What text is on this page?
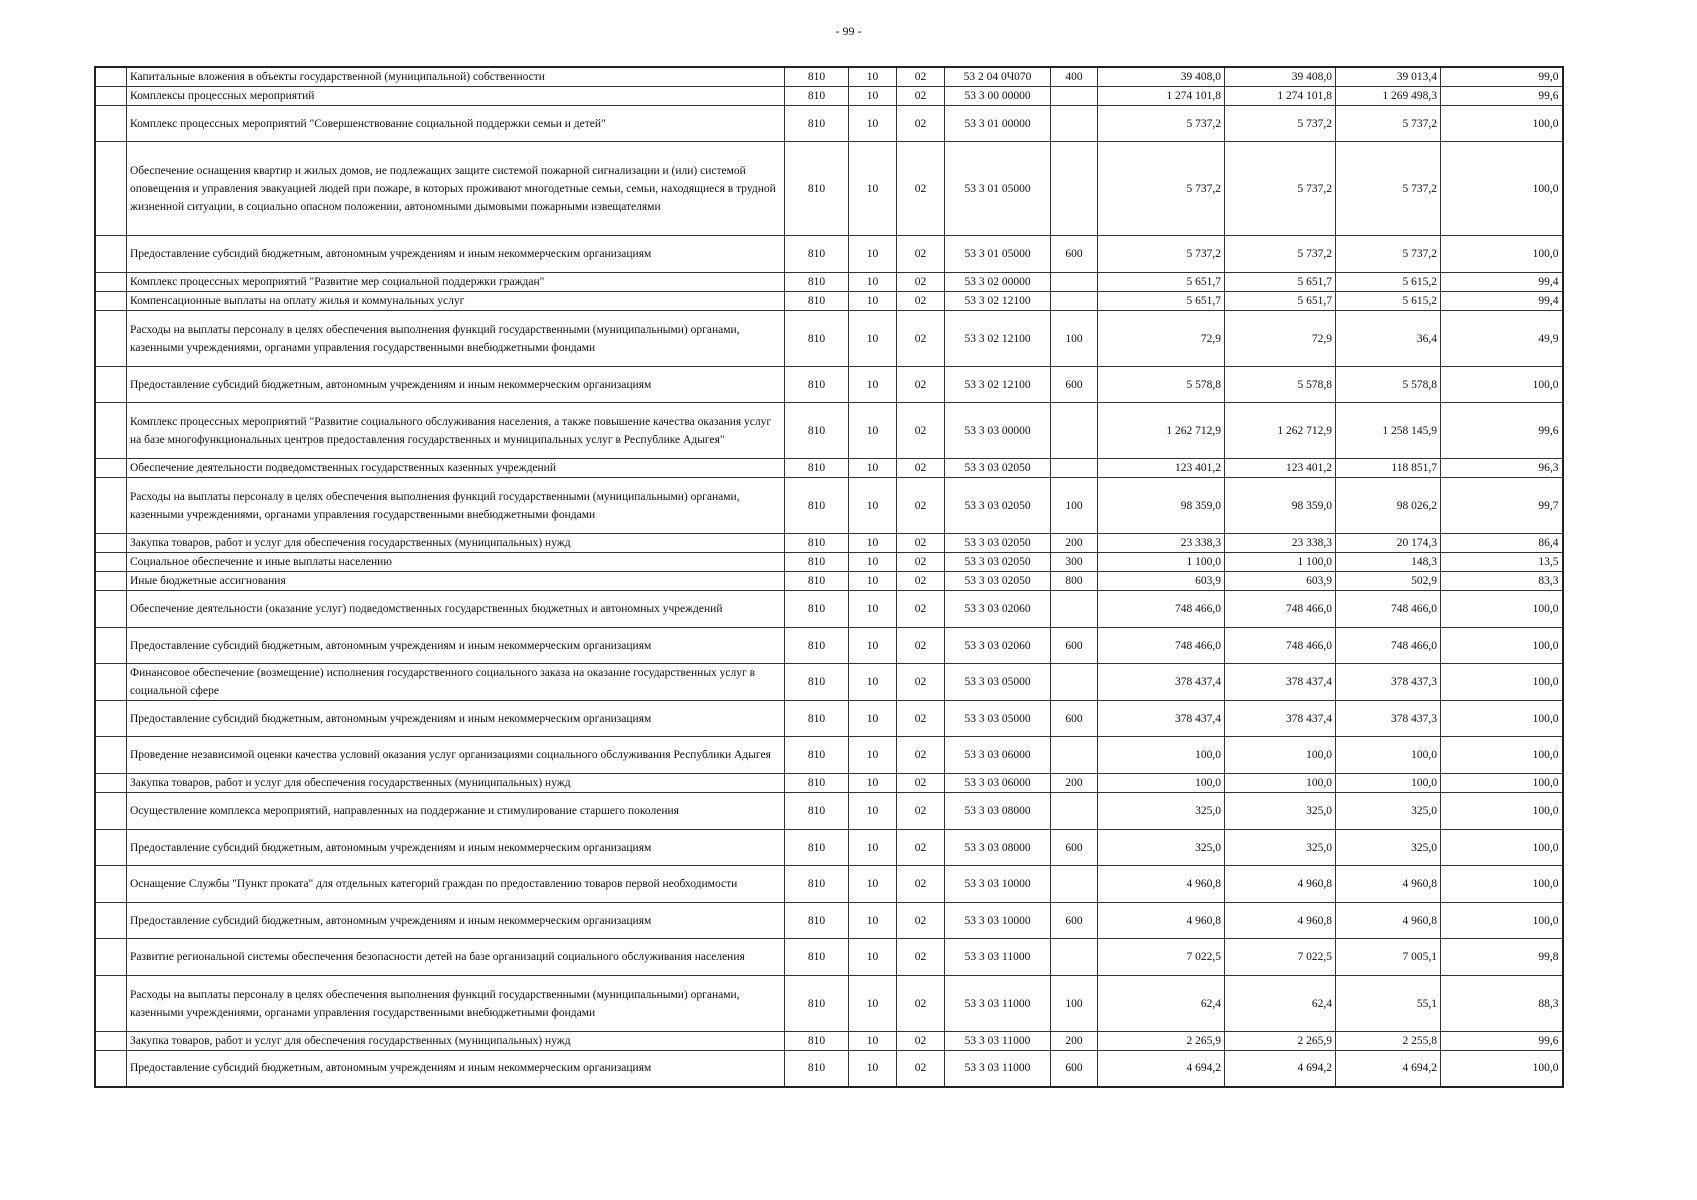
- 99 -
	Капитальные вложения в объекты государственной (муниципальной) собственности	810	10	02	53 2 04 0Ч070	400	39 408,0	39 408,0	39 013,4	99,0
	Комплексы процессных мероприятий	810	10	02	53 3 00 00000		1 274 101,8	1 274 101,8	1 269 498,3	99,6
	Комплекс процессных мероприятий "Совершенствование социальной поддержки семьи и детей"	810	10	02	53 3 01 00000		5 737,2	5 737,2	5 737,2	100,0
	Обеспечение оснащения квартир и жилых домов, не подлежащих защите системой пожарной сигнализации и (или) системой оповещения и управления эвакуацией людей при пожаре, в которых проживают многодетные семьи, семьи, находящиеся в трудной жизненной ситуации, в социально опасном положении, автономными дымовыми пожарными извещателями	810	10	02	53 3 01 05000		5 737,2	5 737,2	5 737,2	100,0
	Предоставление субсидий бюджетным, автономным учреждениям и иным некоммерческим организациям	810	10	02	53 3 01 05000	600	5 737,2	5 737,2	5 737,2	100,0
	Комплекс процессных мероприятий "Развитие мер социальной поддержки граждан"	810	10	02	53 3 02 00000		5 651,7	5 651,7	5 615,2	99,4
	Компенсационные выплаты на оплату жилья и коммунальных услуг	810	10	02	53 3 02 12100		5 651,7	5 651,7	5 615,2	99,4
	Расходы на выплаты персоналу в целях обеспечения выполнения функций государственными (муниципальными) органами, казенными учреждениями, органами управления государственными внебюджетными фондами	810	10	02	53 3 02 12100	100	72,9	72,9	36,4	49,9
	Предоставление субсидий бюджетным, автономным учреждениям и иным некоммерческим организациям	810	10	02	53 3 02 12100	600	5 578,8	5 578,8	5 578,8	100,0
	Комплекс процессных мероприятий "Развитие социального обслуживания населения, а также повышение качества оказания услуг на базе многофункциональных центров предоставления государственных и муниципальных услуг в Республике Адыгея"	810	10	02	53 3 03 00000		1 262 712,9	1 262 712,9	1 258 145,9	99,6
	Обеспечение деятельности подведомственных государственных казенных учреждений	810	10	02	53 3 03 02050		123 401,2	123 401,2	118 851,7	96,3
	Расходы на выплаты персоналу в целях обеспечения выполнения функций государственными (муниципальными) органами, казенными учреждениями, органами управления государственными внебюджетными фондами	810	10	02	53 3 03 02050	100	98 359,0	98 359,0	98 026,2	99,7
	Закупка товаров, работ и услуг для обеспечения государственных (муниципальных) нужд	810	10	02	53 3 03 02050	200	23 338,3	23 338,3	20 174,3	86,4
	Социальное обеспечение и иные выплаты населению	810	10	02	53 3 03 02050	300	1 100,0	1 100,0	148,3	13,5
	Иные бюджетные ассигнования	810	10	02	53 3 03 02050	800	603,9	603,9	502,9	83,3
	Обеспечение деятельности (оказание услуг) подведомственных государственных бюджетных и автономных учреждений	810	10	02	53 3 03 02060		748 466,0	748 466,0	748 466,0	100,0
	Предоставление субсидий бюджетным, автономным учреждениям и иным некоммерческим организациям	810	10	02	53 3 03 02060	600	748 466,0	748 466,0	748 466,0	100,0
	Финансовое обеспечение (возмещение) исполнения государственного социального заказа на оказание государственных услуг в социальной сфере	810	10	02	53 3 03 05000		378 437,4	378 437,4	378 437,3	100,0
	Предоставление субсидий бюджетным, автономным учреждениям и иным некоммерческим организациям	810	10	02	53 3 03 05000	600	378 437,4	378 437,4	378 437,3	100,0
	Проведение независимой оценки качества условий оказания услуг организациями социального обслуживания Республики Адыгея	810	10	02	53 3 03 06000		100,0	100,0	100,0	100,0
	Закупка товаров, работ и услуг для обеспечения государственных (муниципальных) нужд	810	10	02	53 3 03 06000	200	100,0	100,0	100,0	100,0
	Осуществление комплекса мероприятий, направленных на поддержание и стимулирование старшего поколения	810	10	02	53 3 03 08000		325,0	325,0	325,0	100,0
	Предоставление субсидий бюджетным, автономным учреждениям и иным некоммерческим организациям	810	10	02	53 3 03 08000	600	325,0	325,0	325,0	100,0
	Оснащение Службы "Пункт проката" для отдельных категорий граждан по предоставлению товаров первой необходимости	810	10	02	53 3 03 10000		4 960,8	4 960,8	4 960,8	100,0
	Предоставление субсидий бюджетным, автономным учреждениям и иным некоммерческим организациям	810	10	02	53 3 03 10000	600	4 960,8	4 960,8	4 960,8	100,0
	Развитие региональной системы обеспечения безопасности детей на базе организаций социального обслуживания населения	810	10	02	53 3 03 11000		7 022,5	7 022,5	7 005,1	99,8
	Расходы на выплаты персоналу в целях обеспечения выполнения функций государственными (муниципальными) органами, казенными учреждениями, органами управления государственными внебюджетными фондами	810	10	02	53 3 03 11000	100	62,4	62,4	55,1	88,3
	Закупка товаров, работ и услуг для обеспечения государственных (муниципальных) нужд	810	10	02	53 3 03 11000	200	2 265,9	2 265,9	2 255,8	99,6
	Предоставление субсидий бюджетным, автономным учреждениям и иным некоммерческим организациям	810	10	02	53 3 03 11000	600	4 694,2	4 694,2	4 694,2	100,0
